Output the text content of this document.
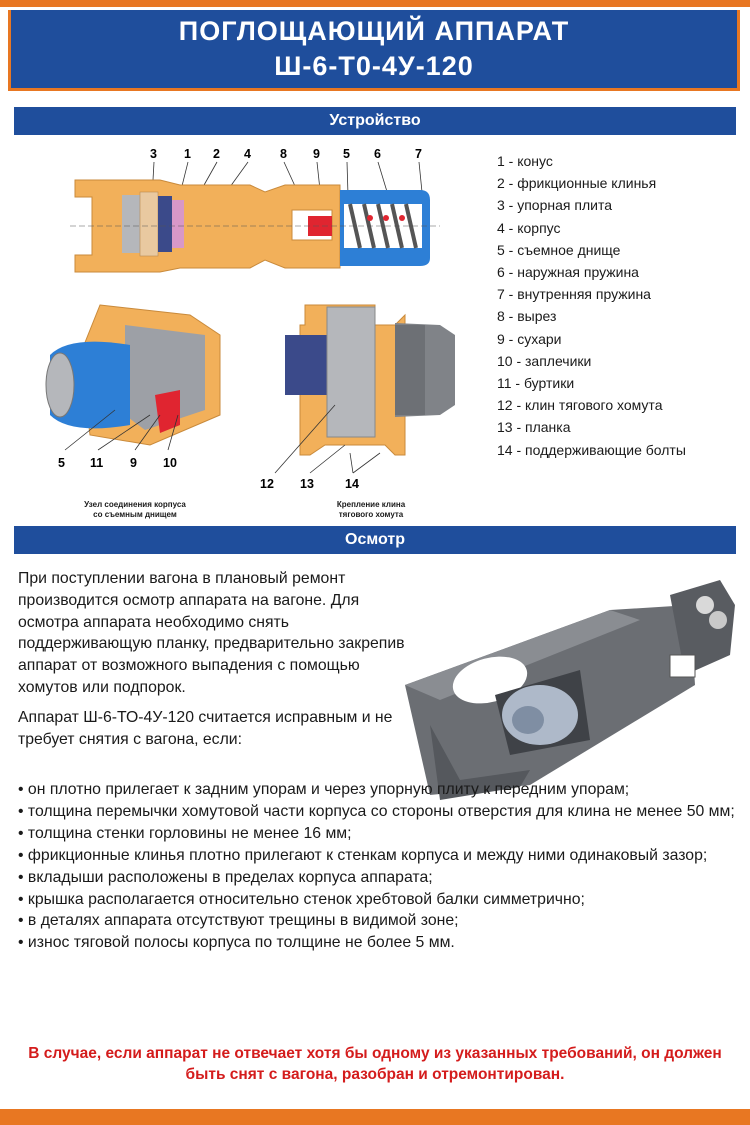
ПОГЛОЩАЮЩИЙ АППАРАТ
Ш-6-Т0-4У-120
Устройство
3 1 2 4 8 9 5 6	7
5 11 9 10
Узел соединения корпуса
со съемным днищем
12 13 14
Крепление клина
тягового хомута
1 - конус
2 - фрикционные клинья
3 - упорная плита
4 - корпус
5 - съемное днище
6 - наружная пружина
7 - внутренняя пружина
8 - вырез
9 - сухари
10 - заплечики
11 - буртики
12 - клин тягового хомута
13 - планка
14 - поддерживающие болты
Осмотр

При поступлении вагона в плановый ремонт производится осмотр аппарата на вагоне. Для осмотра аппарата необходимо снять поддерживающую планку, предварительно закрепив аппарат от возможного выпадения с помощью хомутов или подпорок.

Аппарат Ш-6-ТО-4У-120 считается исправным и не требует снятия с вагона, если:

• он плотно прилегает к задним упорам и через упорную плиту к передним упорам;
• толщина перемычки хомутовой части корпуса со стороны отверстия для клина не менее 50 мм;
• толщина стенки горловины не менее 16 мм;
• фрикционные клинья плотно прилегают к стенкам корпуса и между ними одинаковый зазор;
• вкладыши расположены в пределах корпуса аппарата;
• крышка располагается относительно стенок хребтовой балки симметрично;
• в деталях аппарата отсутствуют трещины в видимой зоне;
• износ тяговой полосы корпуса по толщине не более 5 мм.
В случае, если аппарат не отвечает хотя бы одному из указанных требований, он должен быть снят с вагона, разобран и отремонтирован.
